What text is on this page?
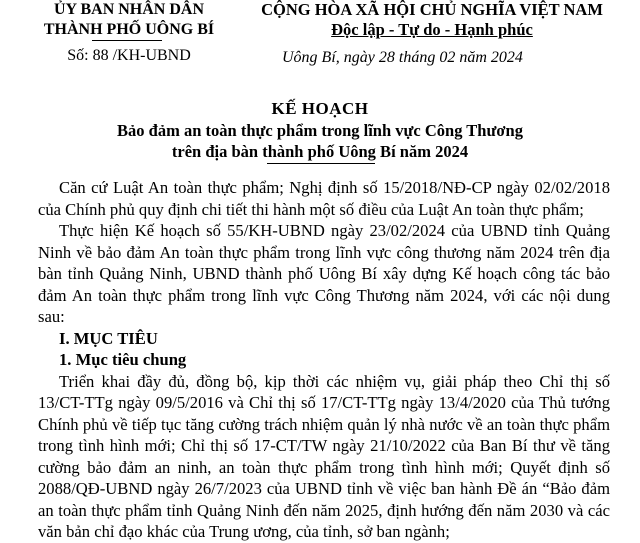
ỦY BAN NHÂN DÂN
THÀNH PHỐ UÔNG BÍ
Số: 88 /KH-UBND
CỘNG HÒA XÃ HỘI CHỦ NGHĨA VIỆT NAM
Độc lập - Tự do - Hạnh phúc
Uông Bí, ngày 28 tháng 02 năm 2024
KẾ HOẠCH
Bảo đảm an toàn thực phẩm trong lĩnh vực Công Thương
trên địa bàn thành phố Uông Bí năm 2024

Căn cứ Luật An toàn thực phẩm; Nghị định số 15/2018/NĐ-CP ngày 02/02/2018 của Chính phủ quy định chi tiết thi hành một số điều của Luật An toàn thực phẩm;

Thực hiện Kế hoạch số 55/KH-UBND ngày 23/02/2024 của UBND tỉnh Quảng Ninh về bảo đảm An toàn thực phẩm trong lĩnh vực công thương năm 2024 trên địa bàn tỉnh Quảng Ninh, UBND thành phố Uông Bí xây dựng Kế hoạch công tác bảo đảm An toàn thực phẩm trong lĩnh vực Công Thương năm 2024, với các nội dung sau:

I. MỤC TIÊU

1. Mục tiêu chung

Triển khai đầy đủ, đồng bộ, kịp thời các nhiệm vụ, giải pháp theo Chỉ thị số 13/CT-TTg ngày 09/5/2016 và Chỉ thị số 17/CT-TTg ngày 13/4/2020 của Thủ tướng Chính phủ về tiếp tục tăng cường trách nhiệm quản lý nhà nước về an toàn thực phẩm trong tình hình mới; Chỉ thị số 17-CT/TW ngày 21/10/2022 của Ban Bí thư về tăng cường bảo đảm an ninh, an toàn thực phẩm trong tình hình mới; Quyết định số 2088/QĐ-UBND ngày 26/7/2023 của UBND tỉnh về việc ban hành Đề án “Bảo đảm an toàn thực phẩm tỉnh Quảng Ninh đến năm 2025, định hướng đến năm 2030 và các văn bản chỉ đạo khác của Trung ương, của tỉnh, sở ban ngành;
